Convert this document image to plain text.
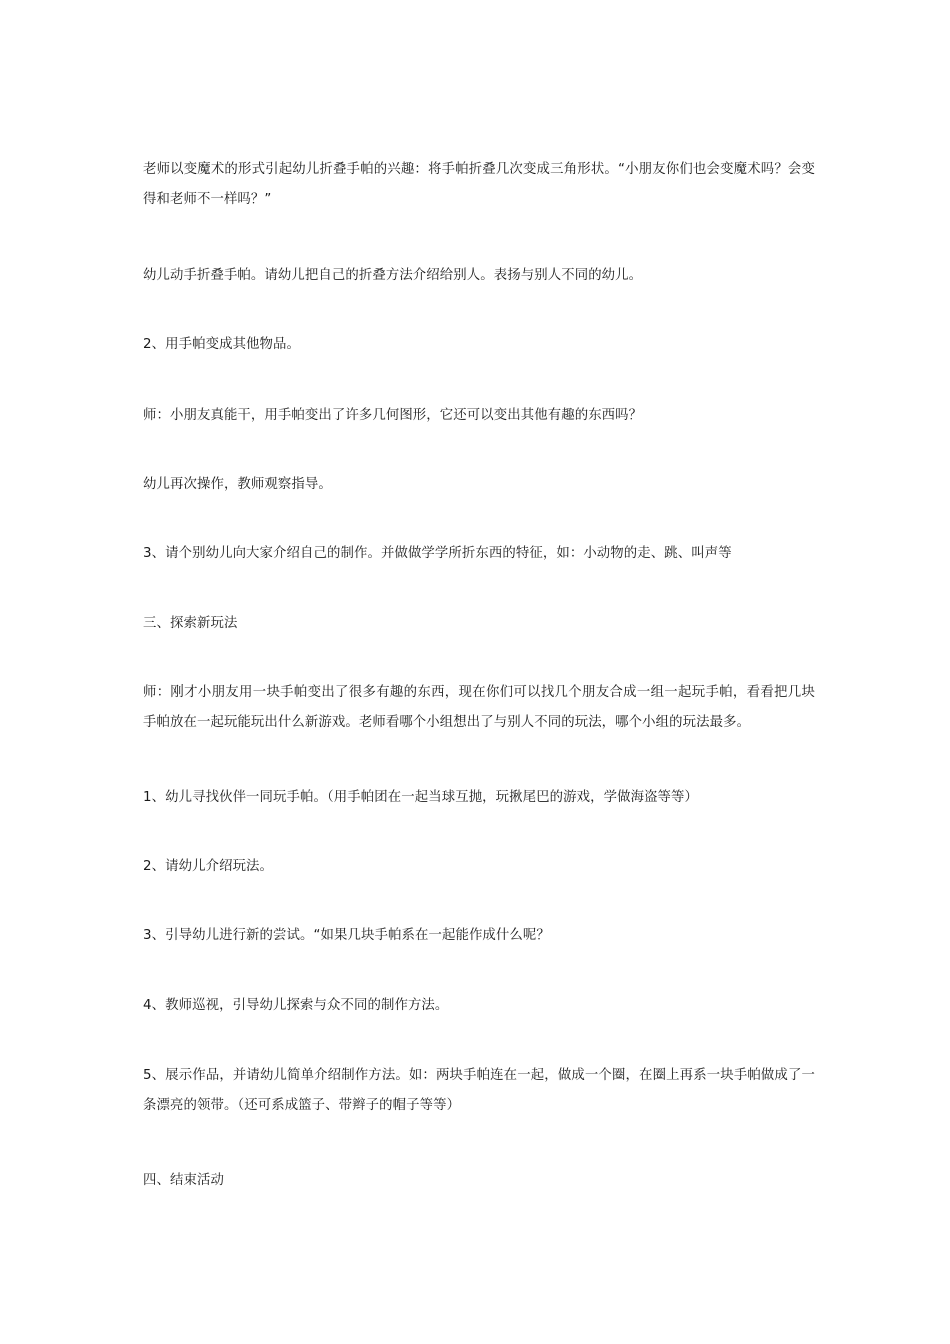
老师以变魔术的形式引起幼儿折叠手帕的兴趣：将手帕折叠几次变成三角形状。“小朋友你们也会变魔术吗？会变得和老师不一样吗？”

幼儿动手折叠手帕。请幼儿把自己的折叠方法介绍给别人。表扬与别人不同的幼儿。

2、用手帕变成其他物品。

师：小朋友真能干，用手帕变出了许多几何图形，它还可以变出其他有趣的东西吗？

幼儿再次操作，教师观察指导。

3、请个别幼儿向大家介绍自己的制作。并做做学学所折东西的特征，如：小动物的走、跳、叫声等

三、探索新玩法

师：刚才小朋友用一块手帕变出了很多有趣的东西，现在你们可以找几个朋友合成一组一起玩手帕，看看把几块手帕放在一起玩能玩出什么新游戏。老师看哪个小组想出了与别人不同的玩法，哪个小组的玩法最多。

1、幼儿寻找伙伴一同玩手帕。（用手帕团在一起当球互抛，玩揪尾巴的游戏，学做海盗等等）

2、请幼儿介绍玩法。

3、引导幼儿进行新的尝试。“如果几块手帕系在一起能作成什么呢？

4、教师巡视，引导幼儿探索与众不同的制作方法。

5、展示作品，并请幼儿简单介绍制作方法。如：两块手帕连在一起，做成一个圈，在圈上再系一块手帕做成了一条漂亮的领带。（还可系成篮子、带辫子的帽子等等）

四、结束活动
